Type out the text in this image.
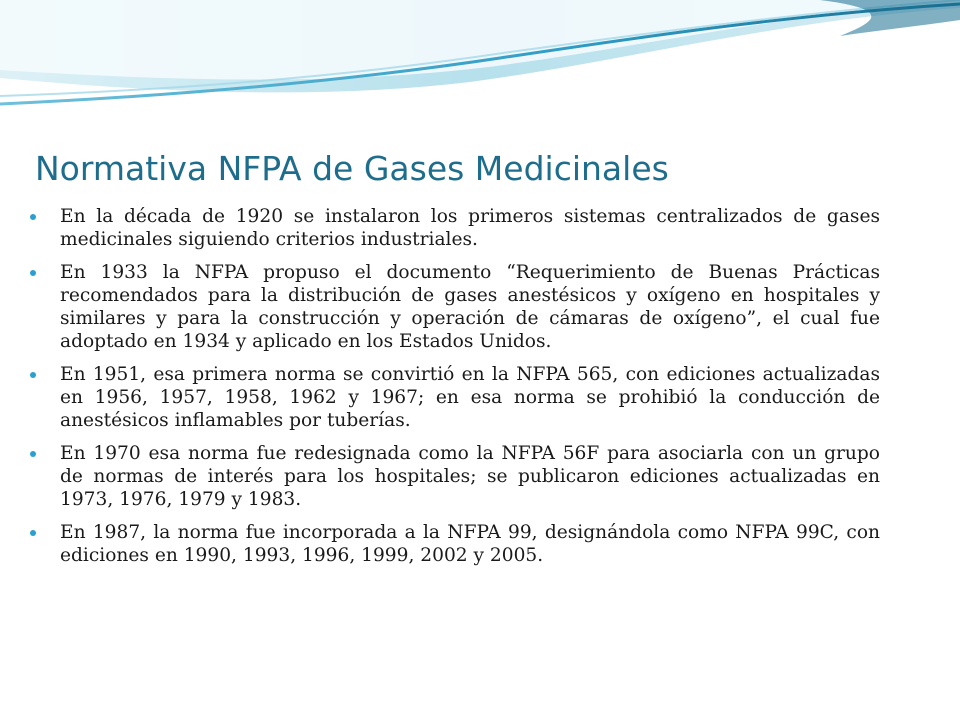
Normativa NFPA de Gases Medicinales
En la década de 1920 se instalaron los primeros sistemas centralizados de gases medicinales siguiendo criterios industriales.
En 1933 la NFPA propuso el documento “Requerimiento de Buenas Prácticas recomendados para la distribución de gases anestésicos y oxígeno en hospitales y similares y para la construcción y operación de cámaras de oxígeno”, el cual fue adoptado en 1934 y aplicado en los Estados Unidos.
En 1951, esa primera norma se convirtió en la NFPA 565, con ediciones actualizadas en 1956, 1957, 1958, 1962 y 1967; en esa norma se prohibió la conducción de anestésicos inflamables por tuberías.
En 1970 esa norma fue redesignada como la NFPA 56F para asociarla con un grupo de normas de interés para los hospitales; se publicaron ediciones actualizadas en 1973, 1976, 1979 y 1983.
En 1987, la norma fue incorporada a la NFPA 99, designándola como NFPA 99C, con ediciones en 1990, 1993, 1996, 1999, 2002 y 2005.
